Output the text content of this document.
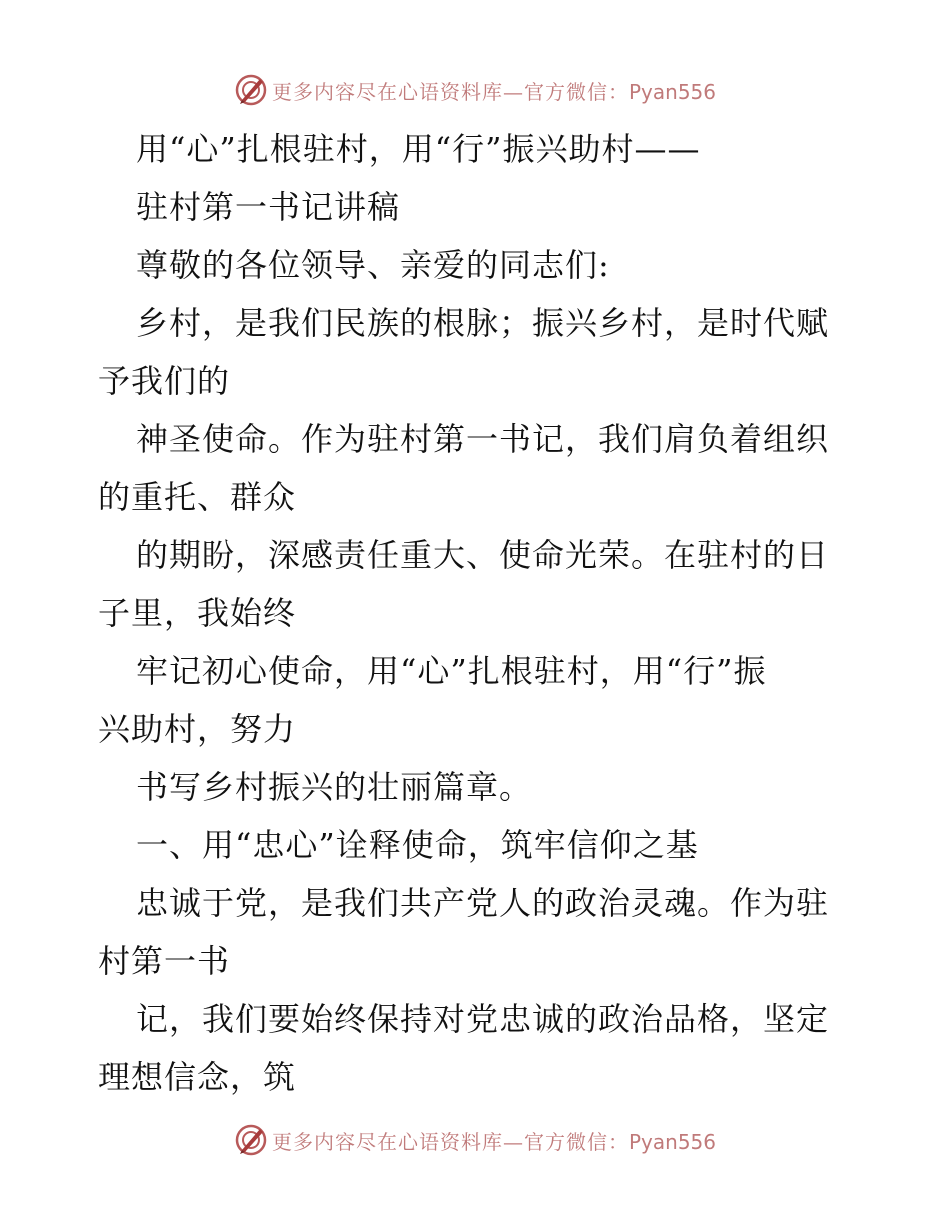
更多内容尽在心语资料库—官方微信：Pyan556
用“心”扎根驻村，用“行”振兴助村——
驻村第一书记讲稿
尊敬的各位领导、亲爱的同志们:
乡村，是我们民族的根脉；振兴乡村，是时代赋
予我们的
神圣使命。作为驻村第一书记，我们肩负着组织
的重托、群众
的期盼，深感责任重大、使命光荣。在驻村的日
子里，我始终
牢记初心使命，用“心”扎根驻村，用“行”振
兴助村，努力
书写乡村振兴的壮丽篇章。
一、用“忠心”诠释使命，筑牢信仰之基
忠诚于党，是我们共产党人的政治灵魂。作为驻
村第一书
记，我们要始终保持对党忠诚的政治品格，坚定
理想信念，筑
更多内容尽在心语资料库—官方微信：Pyan556
